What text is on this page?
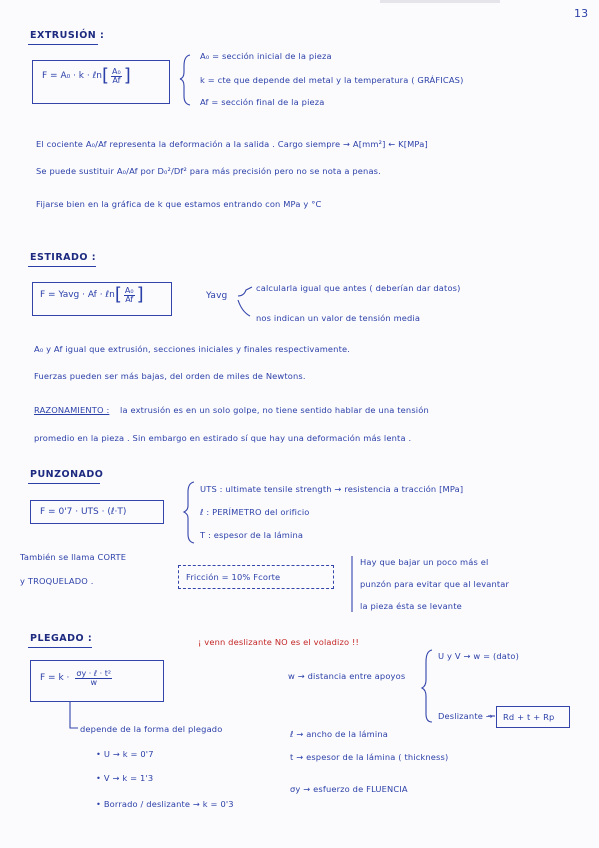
13
EXTRUSIÓN :
F = A₀ · k · ℓn [ $\frac{\text{A₀}}{Af}$ ]
A₀ = sección inicial de la pieza
k = cte que depende del metal y la temperatura ( GRÁFICAS)
Af = sección final de la pieza
El cociente A₀/Af representa la deformación a la salida . Cargo siempre → A[mm²] ← K[MPa]
Se puede sustituir A₀/Af por D₀²/Df² para más precisión pero no se nota a penas.
Fijarse bien en la gráfica de k que estamos entrando con MPa y °C
ESTIRADO :
F = Yavg · Af · ℓn [ $\frac{\text{A₀}}{Af}$ ]	Yavg
calcularla igual que antes ( deberían dar datos)
nos indican un valor de tensión media
A₀ y Af igual que extrusión, secciones iniciales y finales respectivamente.
Fuerzas pueden ser más bajas, del orden de miles de Newtons.
RAZONAMIENTO : la extrusión es en un solo golpe, no tiene sentido hablar de una tensión
promedio en la pieza . Sin embargo en estirado sí que hay una deformación más lenta .
PUNZONADO
F = 0'7 · UTS · (ℓ·T)
UTS : ultimate tensile strength → resistencia a tracción [MPa]
ℓ : PERÍMETRO del orificio
T : espesor de la lámina
También se llama CORTE
y TROQUELADO .	Fricción = 10% Fcorte
Hay que bajar un poco más el
punzón para evitar que al levantar
la pieza ésta se levante
PLEGADO :	¡ venn deslizante NO es el voladizo !!
$F = k \cdot \frac{\text{σy · ℓ · t²}}{w}$	w → distancia entre apoyos
U y V → w = (dato)
Deslizante → Rd + t + Rp
depende de la forma del plegado
• U → k = 0'7
• V → k = 1'3
• Borrado / deslizante → k = 0'3
ℓ → ancho de la lámina
t → espesor de la lámina ( thickness)
σy → esfuerzo de FLUENCIA
